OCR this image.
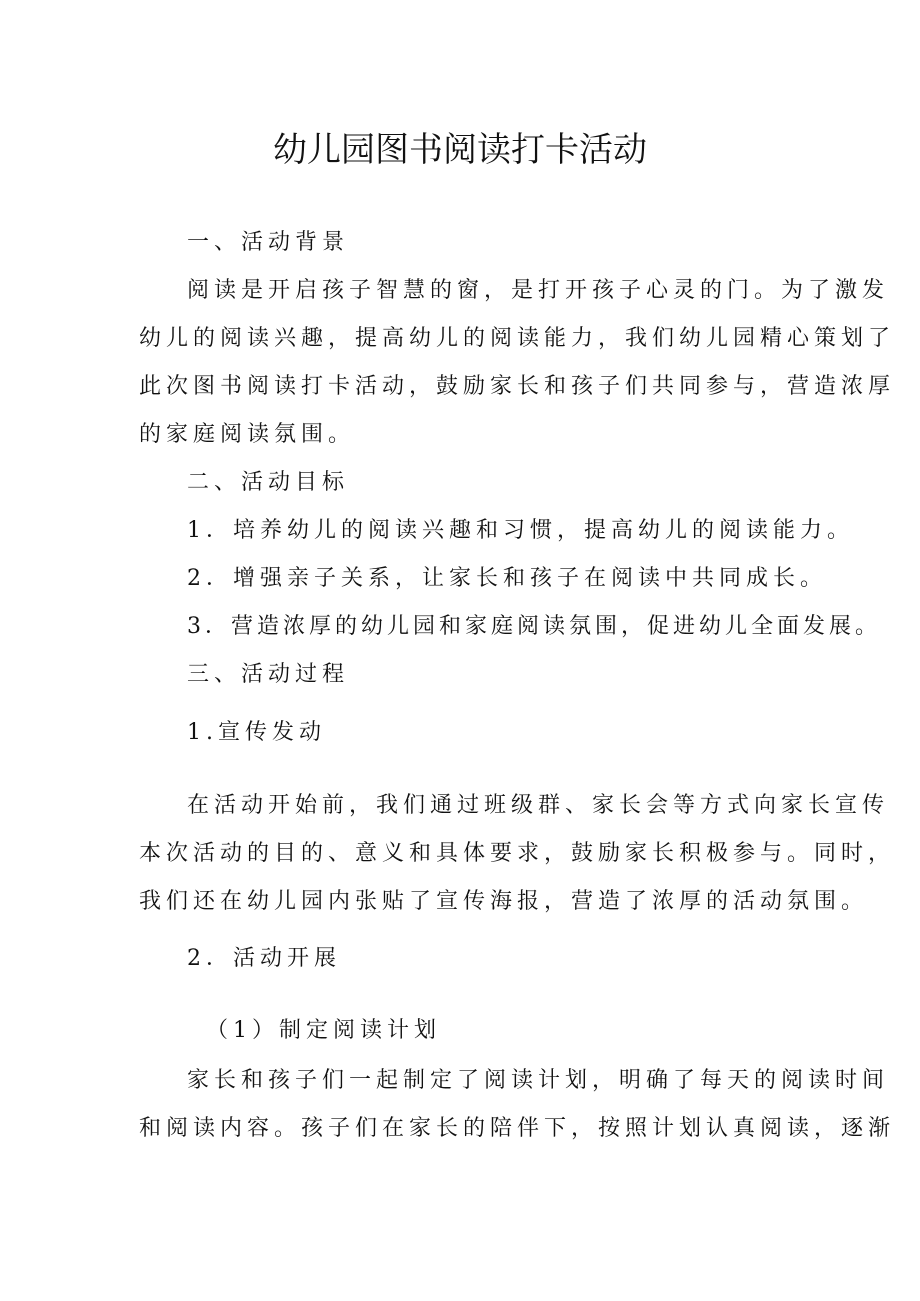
幼儿园图书阅读打卡活动
一、活动背景
阅读是开启孩子智慧的窗，是打开孩子心灵的门。为了激发
幼儿的阅读兴趣，提高幼儿的阅读能力，我们幼儿园精心策划了
此次图书阅读打卡活动，鼓励家长和孩子们共同参与，营造浓厚
的家庭阅读氛围。
二、活动目标
1．培养幼儿的阅读兴趣和习惯，提高幼儿的阅读能力。
2．增强亲子关系，让家长和孩子在阅读中共同成长。
3．营造浓厚的幼儿园和家庭阅读氛围，促进幼儿全面发展。
三、活动过程
1.宣传发动
在活动开始前，我们通过班级群、家长会等方式向家长宣传
本次活动的目的、意义和具体要求，鼓励家长积极参与。同时，
我们还在幼儿园内张贴了宣传海报，营造了浓厚的活动氛围。
2．活动开展
（1）制定阅读计划
家长和孩子们一起制定了阅读计划，明确了每天的阅读时间
和阅读内容。孩子们在家长的陪伴下，按照计划认真阅读，逐渐
